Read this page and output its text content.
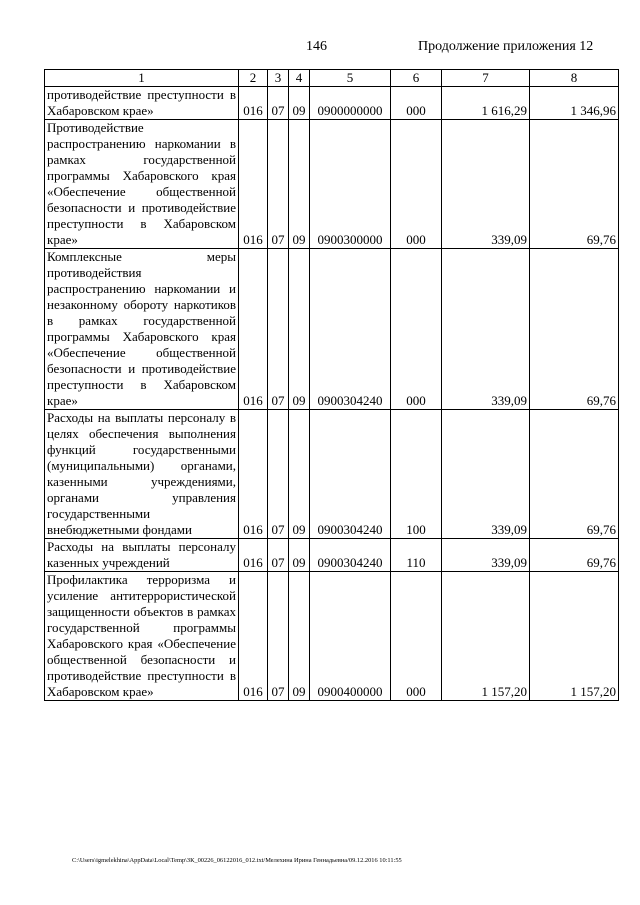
146	Продолжение приложения 12
1	2	3	4	5	6	7	8
противодействие преступности в Хабаровском крае»	016	07	09	0900000000	000	1 616,29	1 346,96
Противодействие распространению наркомании в рамках государственной программы Хабаровского края «Обеспечение общественной безопасности и противодействие преступности в Хабаровском крае»	016	07	09	0900300000	000	339,09	69,76
Комплексные меры противодействия распространению наркомании и незаконному обороту наркотиков в рамках государственной программы Хабаровского края «Обеспечение общественной безопасности и противодействие преступности в Хабаровском крае»	016	07	09	0900304240	000	339,09	69,76
Расходы на выплаты персоналу в целях обеспечения выполнения функций государственными (муниципальными) органами, казенными учреждениями, органами управления государственными внебюджетными фондами	016	07	09	0900304240	100	339,09	69,76
Расходы на выплаты персоналу казенных учреждений	016	07	09	0900304240	110	339,09	69,76
Профилактика терроризма и усиление антитеррористической защищенности объектов в рамках государственной программы Хабаровского края «Обеспечение общественной безопасности и противодействие преступности в Хабаровском крае»	016	07	09	0900400000	000	1 157,20	1 157,20
C:\Users\igmelekhina\AppData\Local\Temp\ЗК_00226_06122016_012.txt/Мелехина Ирина Геннадьевна/09.12.2016 10:11:55
